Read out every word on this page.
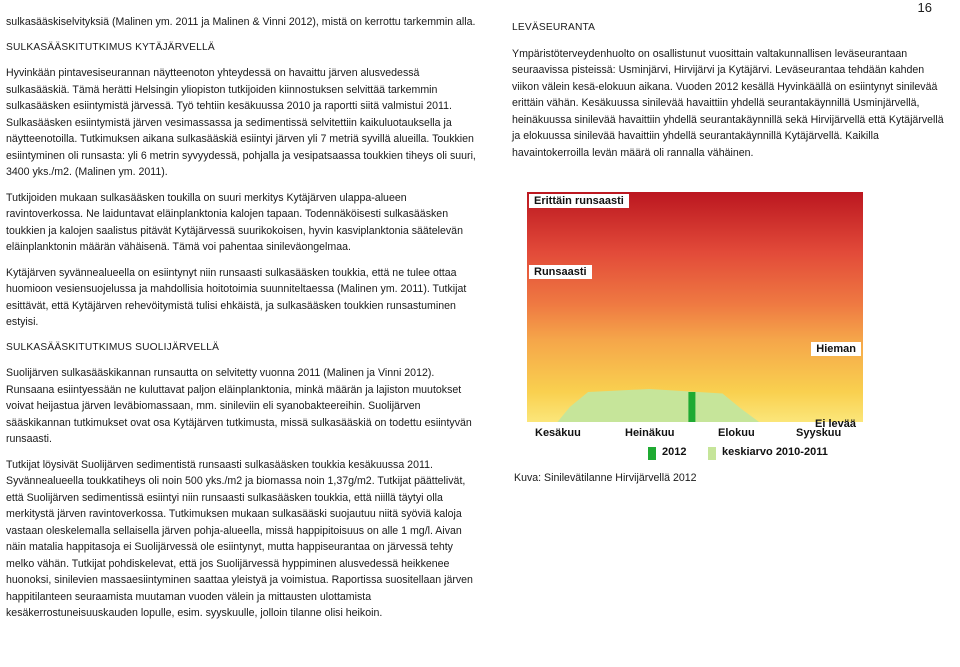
16

sulkasääskiselvityksiä (Malinen ym. 2011 ja Malinen & Vinni 2012), mistä on kerrottu tarkemmin alla.

SULKASÄÄSKITUTKIMUS KYTÄJÄRVELLÄ

Hyvinkään pintavesiseurannan näytteenoton yhteydessä on havaittu järven alusvedessä sulkasääskiä. Tämä herätti Helsingin yliopiston tutkijoiden kiinnostuksen selvittää tarkemmin sulkasääsken esiintymistä järvessä. Työ tehtiin kesäkuussa 2010 ja raportti siitä valmistui 2011. Sulkasääsken esiintymistä järven vesimassassa ja sedimentissä selvitettiin kaikuluotauksella ja näytteenotoilla. Tutkimuksen aikana sulkasääskiä esiintyi järven yli 7 metriä syvillä alueilla. Toukkien esiintyminen oli runsasta: yli 6 metrin syvyydessä, pohjalla ja vesipatsaassa toukkien tiheys oli suuri, 3400 yks./m2. (Malinen ym. 2011).

Tutkijoiden mukaan sulkasääsken toukilla on suuri merkitys Kytäjärven ulappa-alueen ravintoverkossa. Ne laiduntavat eläinplanktonia kalojen tapaan. Todennäköisesti sulkasääsken toukkien ja kalojen saalistus pitävät Kytäjärvessä suurikokoisen, hyvin kasviplanktonia säätelevän eläinplanktonin määrän vähäisenä. Tämä voi pahentaa sinileväongelmaa.

Kytäjärven syvännealueella on esiintynyt niin runsaasti sulkasääsken toukkia, että ne tulee ottaa huomioon vesiensuojelussa ja mahdollisia hoitotoimia suunniteltaessa (Malinen ym. 2011). Tutkijat esittävät, että Kytäjärven rehevöitymistä tulisi ehkäistä, ja sulkasääsken toukkien runsastuminen estyisi.

SULKASÄÄSKITUTKIMUS SUOLIJÄRVELLÄ

Suolijärven sulkasääskikannan runsautta on selvitetty vuonna 2011 (Malinen ja Vinni 2012). Runsaana esiintyessään ne kuluttavat paljon eläinplanktonia, minkä määrän ja lajiston muutokset voivat heijastua järven leväbiomassaan, mm. sinileviin eli syanobakteereihin. Suolijärven sääskikannan tutkimukset ovat osa Kytäjärven tutkimusta, missä sulkasääskiä on todettu esiintyvän runsaasti.

Tutkijat löysivät Suolijärven sedimentistä runsaasti sulkasääsken toukkia kesäkuussa 2011. Syvännealueella toukkatiheys oli noin 500 yks./m2 ja biomassa noin 1,37g/m2. Tutkijat päättelivät, että Suolijärven sedimentissä esiintyi niin runsaasti sulkasääsken toukkia, että niillä täytyi olla merkitystä järven ravintoverkossa. Tutkimuksen mukaan sulkasääski suojautuu niitä syöviä kaloja vastaan oleskelemalla sellaisella järven pohja-alueella, missä happipitoisuus on alle 1 mg/l. Aivan näin matalia happitasoja ei Suolijärvessä ole esiintynyt, mutta happiseurantaa on järvessä tehty melko vähän. Tutkijat pohdiskelevat, että jos Suolijärvessä hyppiminen alusvedessä heikkenee huonoksi, sinilevien massaesiintyminen saattaa yleistyä ja voimistua. Raportissa suositellaan järven happitilanteen seuraamista muutaman vuoden välein ja mittausten ulottamista kesäkerrostuneisuuskauden lopulle, esim. syyskuulle, jolloin tilanne olisi heikoin.

LEVÄSEURANTA

Ympäristöterveydenhuolto on osallistunut vuosittain valtakunnallisen leväseurantaan seuraavissa pisteissä: Usminjärvi, Hirvijärvi ja Kytäjärvi. Leväseurantaa tehdään kahden viikon välein kesä-elokuun aikana. Vuoden 2012 kesällä Hyvinkäällä on esiintynyt sinilevää erittäin vähän. Kesäkuussa sinilevää havaittiin yhdellä seurantakäynnillä Usminjärvellä, heinäkuussa sinilevää havaittiin yhdellä seurantakäynnillä sekä Hirvijärvellä että Kytäjärvellä ja elokuussa sinilevää havaittiin yhdellä seurantakäynnillä Kytäjärvellä. Kaikilla havaintokerroilla levän määrä oli rannalla vähäinen.

Erittäin runsaasti
Runsaasti
Hieman
Ei levää
Kesäkuu	Heinäkuu	Elokuu	Syyskuu
2012	keskiarvo 2010-2011
Kuva: Sinilevätilanne Hirvijärvellä 2012
